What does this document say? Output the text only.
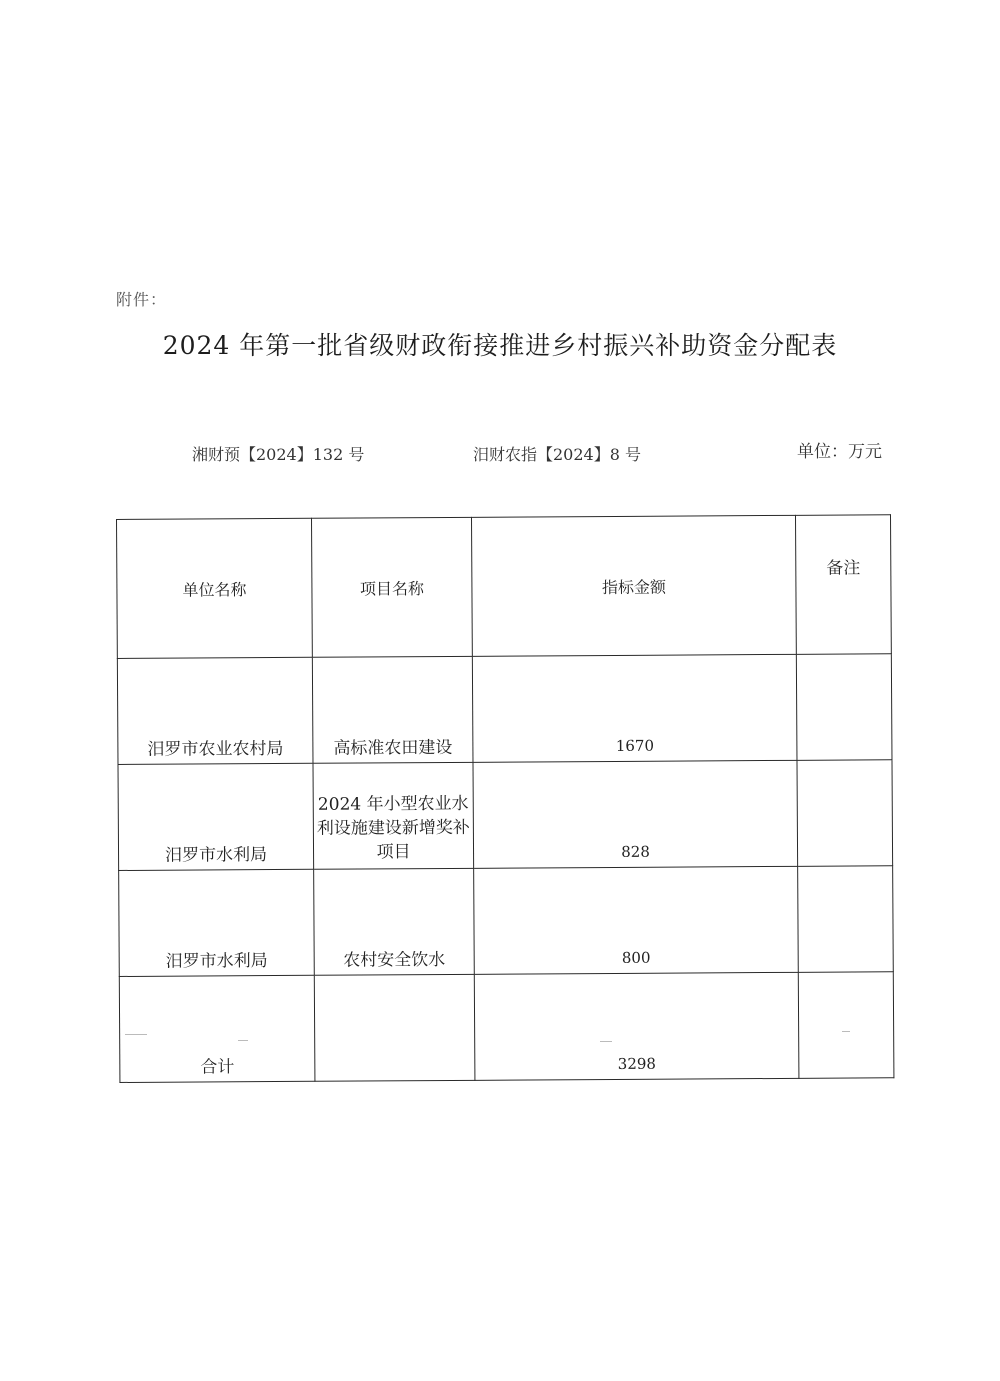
附件：
2024 年第一批省级财政衔接推进乡村振兴补助资金分配表
湘财预【2024】132 号	汨财农指【2024】8 号	单位：万元
单位名称	项目名称	指标金额	备注
汨罗市农业农村局	高标准农田建设	1670	
汨罗市水利局	2024 年小型农业水利设施建设新增奖补项目	828	
汨罗市水利局	农村安全饮水	800	
合计		3298	
